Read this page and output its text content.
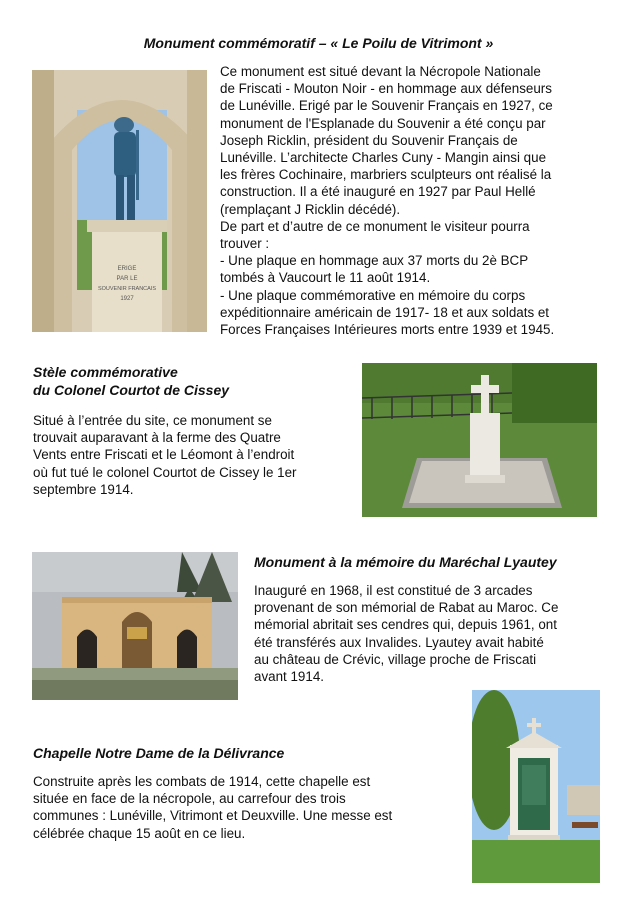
Monument commémoratif – « Le Poilu de Vitrimont »
ERIGE
PAR LE
SOUVENIR FRANCAIS
1927
Ce monument est situé devant la Nécropole Nationale
de Friscati - Mouton Noir - en hommage aux défenseurs
de Lunéville. Erigé par le Souvenir Français en 1927, ce
monument de l'Esplanade du Souvenir a été conçu par
Joseph Ricklin, président du Souvenir Français de
Lunéville. L’architecte Charles Cuny - Mangin ainsi que
les frères Cochinaire, marbriers sculpteurs ont réalisé la
construction. Il a été inauguré en 1927 par Paul Hellé
(remplaçant J Ricklin décédé).
De part et d’autre de ce monument le visiteur pourra
trouver :
- Une plaque en hommage aux 37 morts du 2è BCP
tombés à Vaucourt le 11 août 1914.
- Une plaque commémorative en mémoire du corps
expéditionnaire américain de 1917- 18 et aux soldats et
Forces Françaises Intérieures morts entre 1939 et 1945.
Stèle commémorative
du Colonel Courtot de Cissey
Situé à l’entrée du site, ce monument se
trouvait auparavant à la ferme des Quatre
Vents entre Friscati et le Léomont à l’endroit
où fut tué le colonel Courtot de Cissey le 1er
septembre 1914.
Monument à la mémoire du Maréchal Lyautey
Inauguré en 1968, il est constitué de 3 arcades
provenant de son mémorial de Rabat au Maroc. Ce
mémorial abritait ses cendres qui, depuis 1961, ont
été transférés aux Invalides. Lyautey avait habité
au château de Crévic, village proche de Friscati
avant 1914.
Chapelle Notre Dame de la Délivrance
Construite après les combats de 1914, cette chapelle est
située en face de la nécropole, au carrefour des trois
communes : Lunéville, Vitrimont et Deuxville. Une messe est
célébrée chaque 15 août en ce lieu.
